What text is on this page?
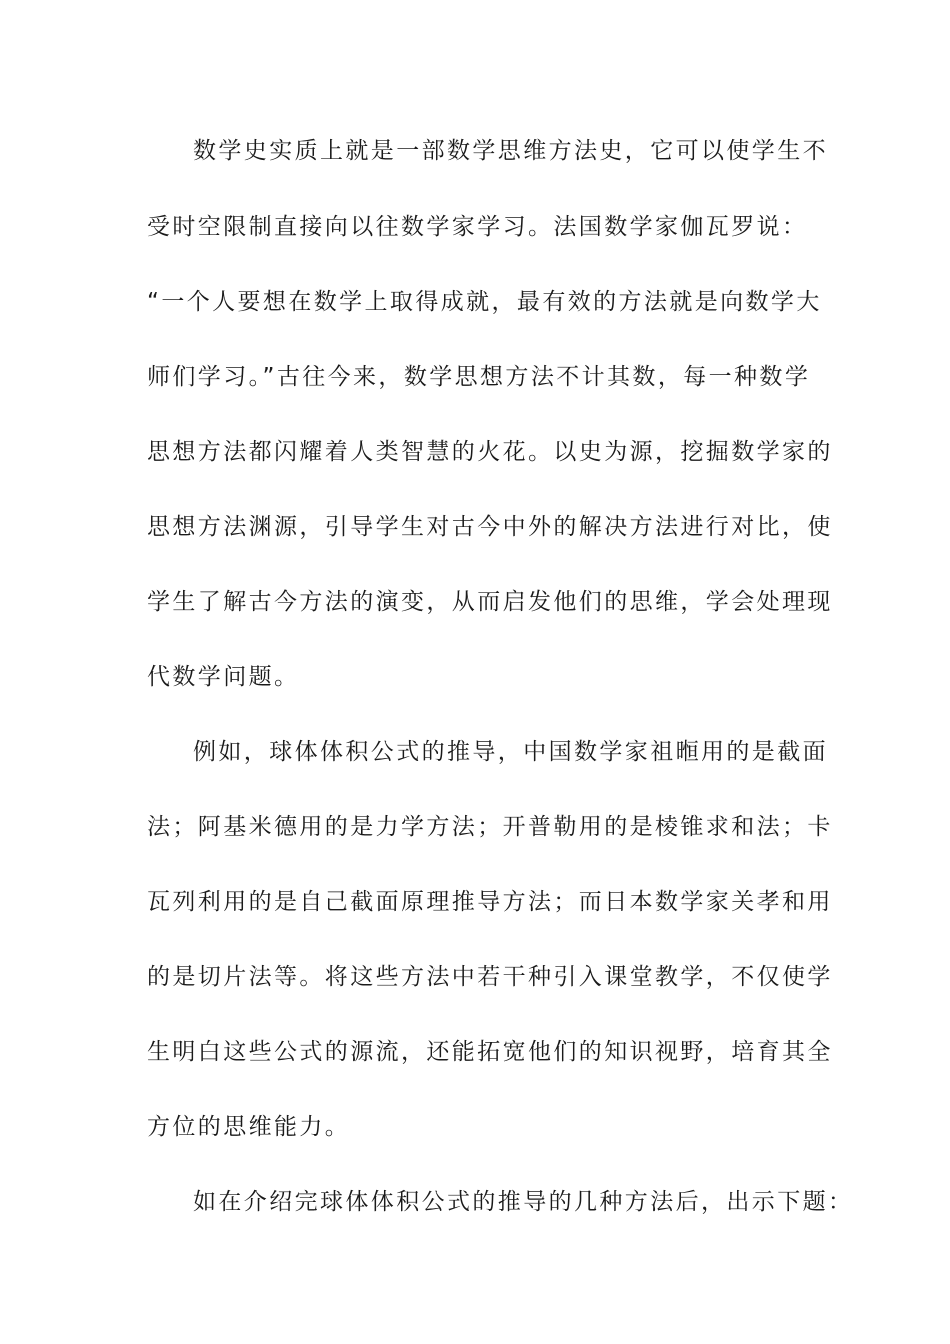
数学史实质上就是一部数学思维方法史，它可以使学生不

受时空限制直接向以往数学家学习。法国数学家伽瓦罗说：

“一个人要想在数学上取得成就，最有效的方法就是向数学大

师们学习。”古往今来，数学思想方法不计其数，每一种数学

思想方法都闪耀着人类智慧的火花。以史为源，挖掘数学家的

思想方法渊源，引导学生对古今中外的解决方法进行对比，使

学生了解古今方法的演变，从而启发他们的思维，学会处理现

代数学问题。

例如，球体体积公式的推导，中国数学家祖暅用的是截面

法；阿基米德用的是力学方法；开普勒用的是棱锥求和法；卡

瓦列利用的是自己截面原理推导方法；而日本数学家关孝和用

的是切片法等。将这些方法中若干种引入课堂教学，不仅使学

生明白这些公式的源流，还能拓宽他们的知识视野，培育其全

方位的思维能力。

如在介绍完球体体积公式的推导的几种方法后，出示下题：
